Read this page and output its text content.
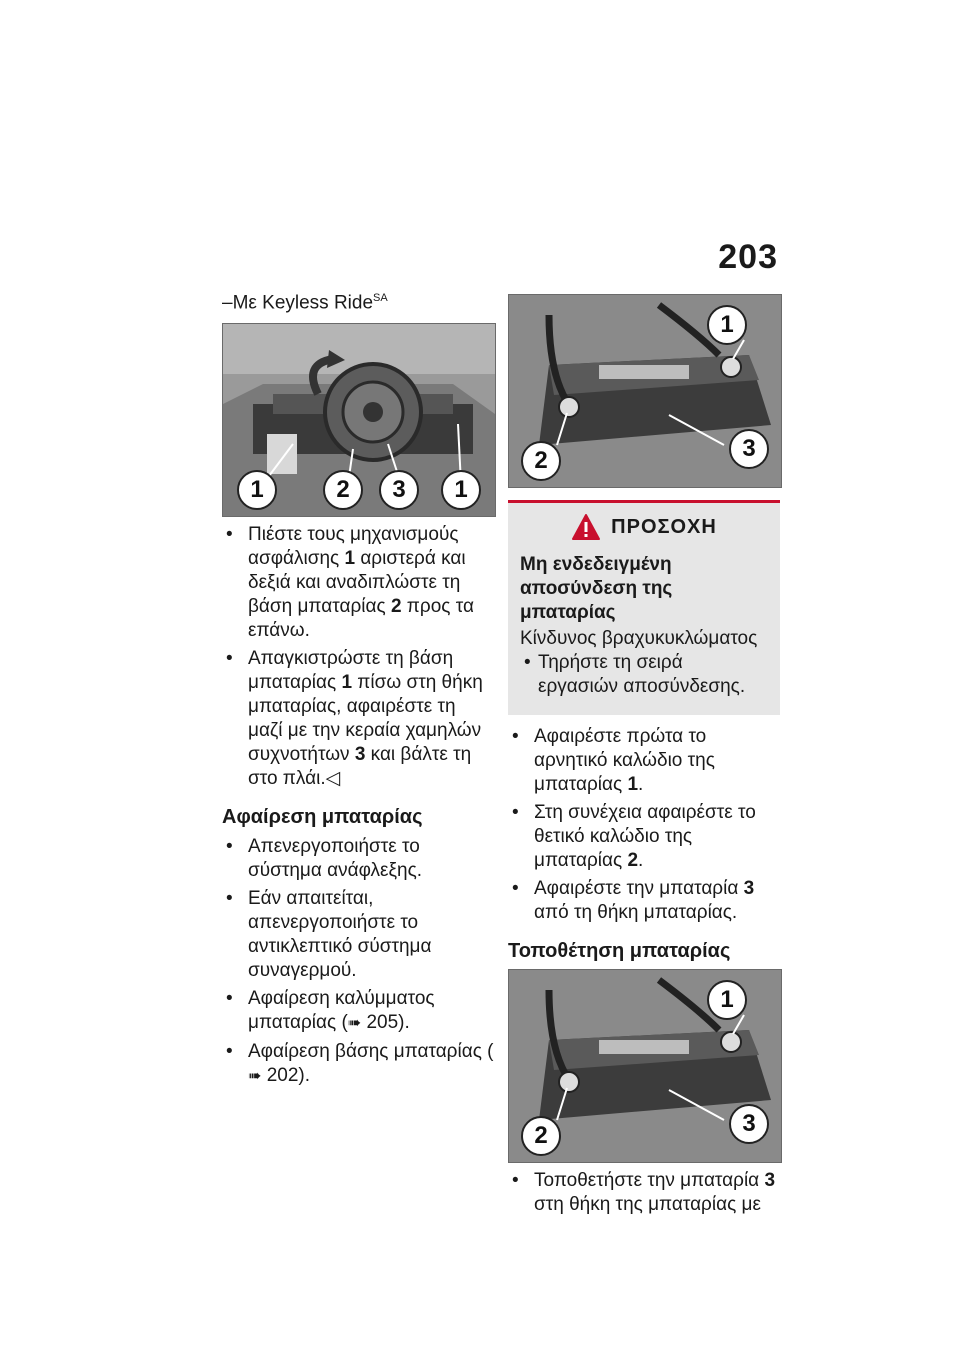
203
–Με Keyless Ride$^{SA}$
1	2	3	1
• Πιέστε τους μηχανισμούς ασφάλισης 1 αριστερά και δεξιά και αναδιπλώστε τη βάση μπαταρίας 2 προς τα επάνω.
• Απαγκιστρώστε τη βάση μπαταρίας 1 πίσω στη θήκη μπαταρίας, αφαιρέστε τη μαζί με την κεραία χαμηλών συχνοτήτων 3 και βάλτε τη στο πλάι.◁
Αφαίρεση μπαταρίας
• Απενεργοποιήστε το σύστημα ανάφλεξης.
• Εάν απαιτείται, απενεργοποιήστε το αντικλεπτικό σύστημα συναγερμού.
• Αφαίρεση καλύμματος μπαταρίας (➠ 205).
• Αφαίρεση βάσης μπαταρίας (➠ 202).
1
2	3
ΠΡΟΣΟΧΗ
Μη ενδεδειγμένη αποσύνδεση της μπαταρίας
Κίνδυνος βραχυκυκλώματος
• Τηρήστε τη σειρά εργασιών αποσύνδεσης.
• Αφαιρέστε πρώτα το αρνητικό καλώδιο της μπαταρίας 1.
• Στη συνέχεια αφαιρέστε το θετικό καλώδιο της μπαταρίας 2.
• Αφαιρέστε την μπαταρία 3 από τη θήκη μπαταρίας.
Τοποθέτηση μπαταρίας
1
2	3
• Τοποθετήστε την μπαταρία 3 στη θήκη της μπαταρίας με
